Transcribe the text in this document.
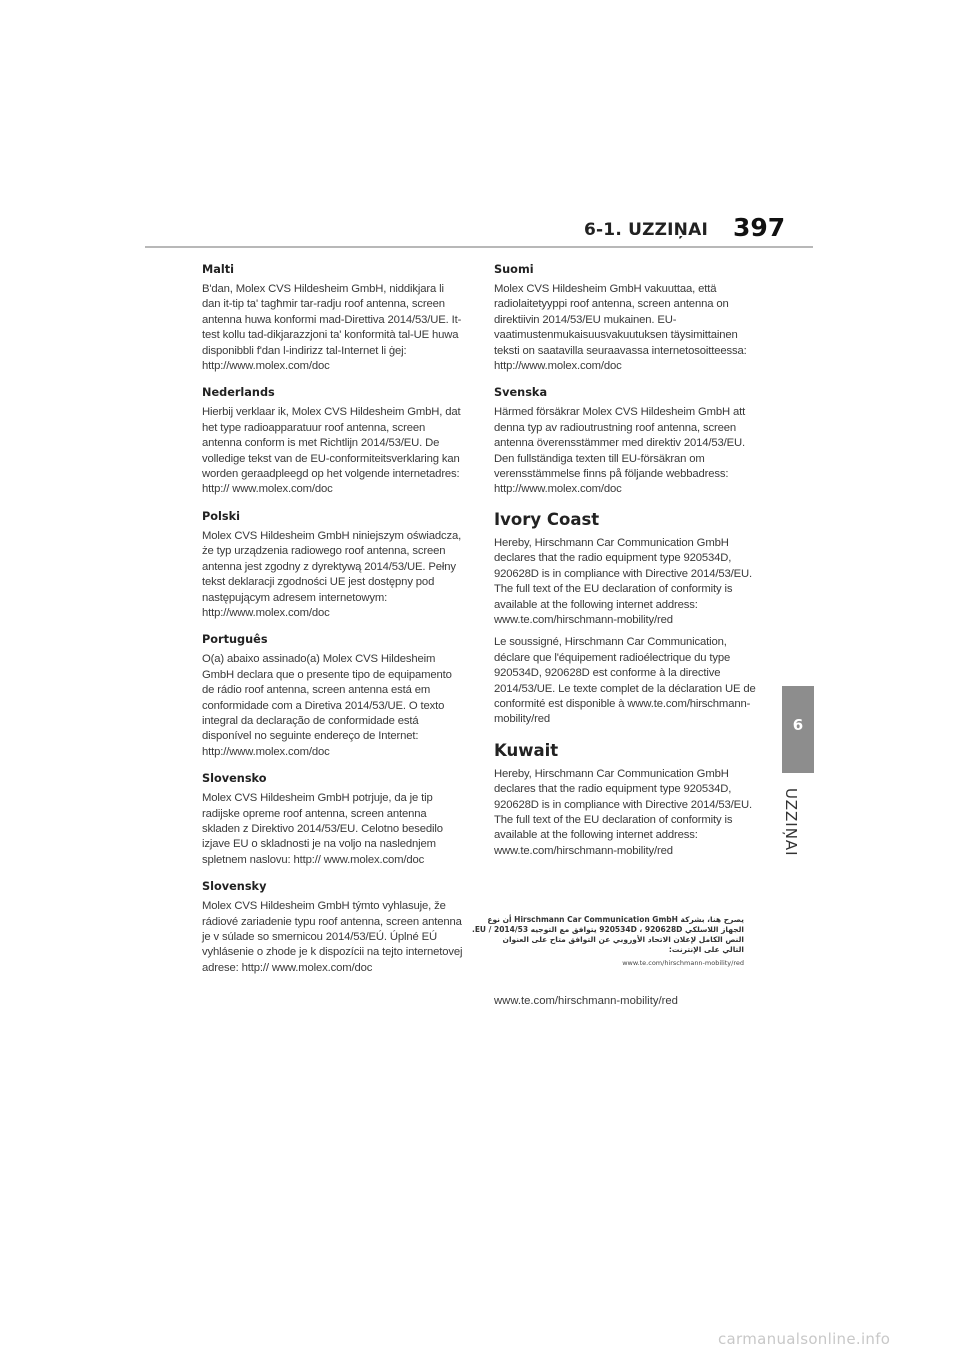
6-1. UZZIŅAI 397
6
UZZIŅAI
Malti
B'dan, Molex CVS Hildesheim GmbH, niddikjara li dan it-tip ta' tagħmir tar-radju roof antenna, screen antenna huwa konformi mad-Direttiva 2014/53/UE. It-test kollu tad-dikjarazzjoni ta' konformità tal-UE huwa disponibbli f'dan l-indirizz tal-Internet li ġej: http://www.molex.com/doc
Nederlands
Hierbij verklaar ik, Molex CVS Hildesheim GmbH, dat het type radioapparatuur roof antenna, screen antenna conform is met Richtlijn 2014/53/EU. De volledige tekst van de EU-conformiteitsverklaring kan worden geraadpleegd op het volgende internetadres: http:// www.molex.com/doc
Polski
Molex CVS Hildesheim GmbH niniejszym oświadcza, że typ urządzenia radiowego roof antenna, screen antenna jest zgodny z dyrektywą 2014/53/UE. Pełny tekst deklaracji zgodności UE jest dostępny pod następującym adresem internetowym: http://www.molex.com/doc
Português
O(a) abaixo assinado(a) Molex CVS Hildesheim GmbH declara que o presente tipo de equipamento de rádio roof antenna, screen antenna está em conformidade com a Diretiva 2014/53/UE. O texto integral da declaração de conformidade está disponível no seguinte endereço de Internet: http://www.molex.com/doc
Slovensko
Molex CVS Hildesheim GmbH potrjuje, da je tip radijske opreme roof antenna, screen antenna skladen z Direktivo 2014/53/EU. Celotno besedilo izjave EU o skladnosti je na voljo na naslednjem spletnem naslovu: http:// www.molex.com/doc
Slovensky
Molex CVS Hildesheim GmbH týmto vyhlasuje, že rádiové zariadenie typu roof antenna, screen antenna je v súlade so smernicou 2014/53/EÚ. Úplné EÚ vyhlásenie o zhode je k dispozícii na tejto internetovej adrese: http:// www.molex.com/doc
Suomi
Molex CVS Hildesheim GmbH vakuuttaa, että radiolaitetyyppi roof antenna, screen antenna on direktiivin 2014/53/EU mukainen. EU-vaatimustenmukaisuusvakuutuksen täysimittainen teksti on saatavilla seuraavassa internetosoitteessa: http://www.molex.com/doc
Svenska
Härmed försäkrar Molex CVS Hildesheim GmbH att denna typ av radioutrustning roof antenna, screen antenna överensstämmer med direktiv 2014/53/EU. Den fullständiga texten till EU-försäkran om verensstämmelse finns på följande webbadress: http://www.molex.com/doc
Ivory Coast
Hereby, Hirschmann Car Communication GmbH declares that the radio equipment type 920534D, 920628D is in compliance with Directive 2014/53/EU. The full text of the EU declaration of conformity is available at the following internet address: www.te.com/hirschmann-mobility/red
Le soussigné, Hirschmann Car Communication, déclare que l'équipement radioélectrique du type 920534D, 920628D est conforme à la directive 2014/53/UE. Le texte complet de la déclaration UE de conformité est disponible à www.te.com/hirschmann-mobility/red
Kuwait
Hereby, Hirschmann Car Communication GmbH declares that the radio equipment type 920534D, 920628D is in compliance with Directive 2014/53/EU. The full text of the EU declaration of conformity is available at the following internet address: www.te.com/hirschmann-mobility/red
يصرح هنا، بشركة Hirschmann Car Communication GmbH أن نوع
الجهاز اللاسلكي 920534D ، 920628D يتوافق مع التوجيه 2014/53 / EU.
النص الكامل لإعلان الاتحاد الأوروبي عن التوافق متاح على العنوان
التالي على الإنترنت:
www.te.com/hirschmann-mobility/red
www.te.com/hirschmann-mobility/red
carmanualsonline.info
